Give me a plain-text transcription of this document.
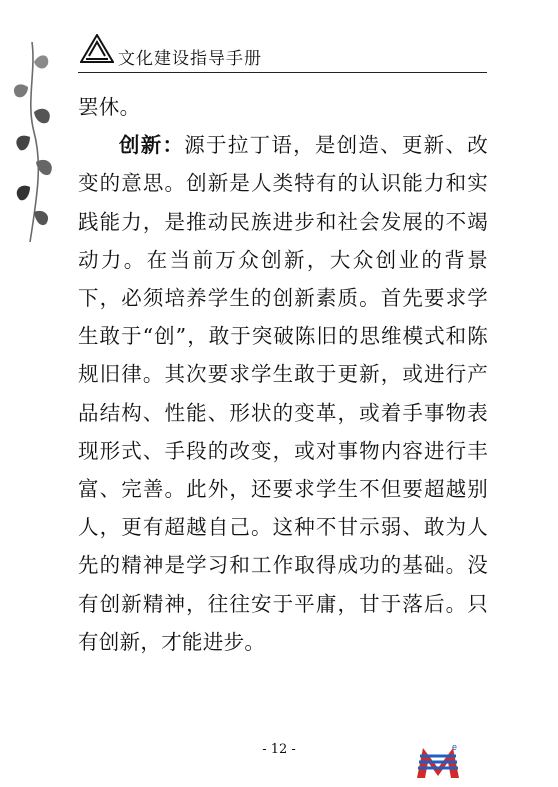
文化建设指导手册

罢休。

创新：源于拉丁语，是创造、更新、改变的意思。创新是人类特有的认识能力和实践能力，是推动民族进步和社会发展的不竭动力。在当前万众创新，大众创业的背景下，必须培养学生的创新素质。首先要求学生敢于“创”，敢于突破陈旧的思维模式和陈规旧律。其次要求学生敢于更新，或进行产品结构、性能、形状的变革，或着手事物表现形式、手段的改变，或对事物内容进行丰富、完善。此外，还要求学生不但要超越别人，更有超越自己。这种不甘示弱、敢为人先的精神是学习和工作取得成功的基础。没有创新精神，往往安于平庸，甘于落后。只有创新，才能进步。

- 12 -	e
